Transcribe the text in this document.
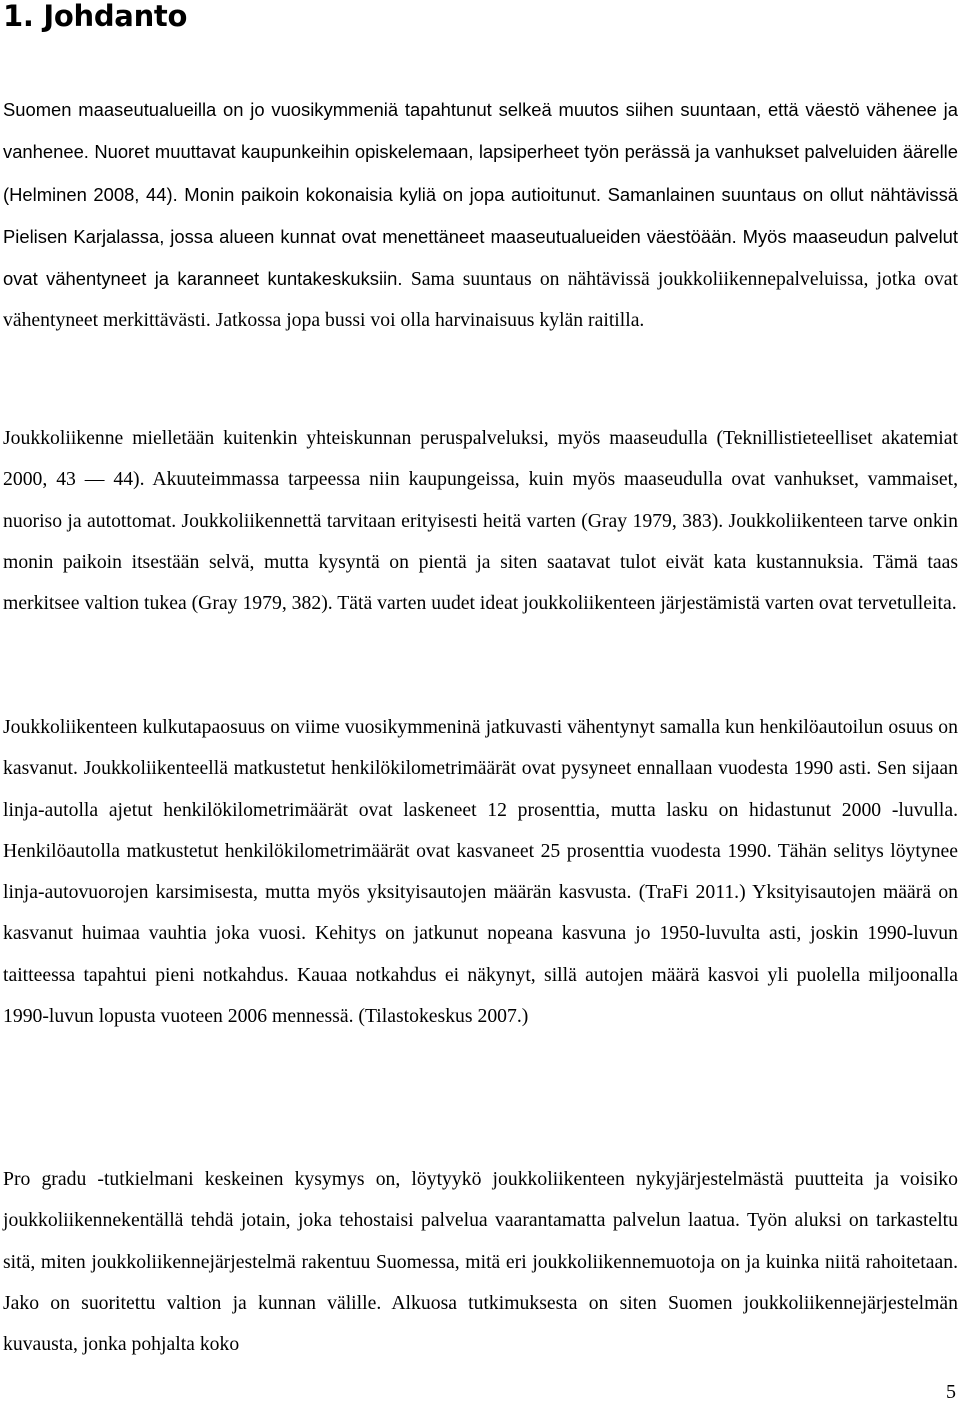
1. Johdanto

Suomen maaseutualueilla on jo vuosikymmeniä tapahtunut selkeä muutos siihen suuntaan, että väestö vähenee ja vanhenee. Nuoret muuttavat kaupunkeihin opiskelemaan, lapsiperheet työn perässä ja vanhukset palveluiden äärelle (Helminen 2008, 44). Monin paikoin kokonaisia kyliä on jopa autioitunut. Samanlainen suuntaus on ollut nähtävissä Pielisen Karjalassa, jossa alueen kunnat ovat menettäneet maaseutualueiden väestöään. Myös maaseudun palvelut ovat vähentyneet ja karanneet kuntakeskuksiin. Sama suuntaus on nähtävissä joukkoliikennepalveluissa, jotka ovat vähentyneet merkittävästi. Jatkossa jopa bussi voi olla harvinaisuus kylän raitilla.

Joukkoliikenne mielletään kuitenkin yhteiskunnan peruspalveluksi, myös maaseudulla (Teknillistieteelliset akatemiat 2000, 43 ― 44). Akuuteimmassa tarpeessa niin kaupungeissa, kuin myös maaseudulla ovat vanhukset, vammaiset, nuoriso ja autottomat. Joukkoliikennettä tarvitaan erityisesti heitä varten (Gray 1979, 383). Joukkoliikenteen tarve onkin monin paikoin itsestään selvä, mutta kysyntä on pientä ja siten saatavat tulot eivät kata kustannuksia. Tämä taas merkitsee valtion tukea (Gray 1979, 382). Tätä varten uudet ideat joukkoliikenteen järjestämistä varten ovat tervetulleita.

Joukkoliikenteen kulkutapaosuus on viime vuosikymmeninä jatkuvasti vähentynyt samalla kun henkilöautoilun osuus on kasvanut. Joukkoliikenteellä matkustetut henkilökilometrimäärät ovat pysyneet ennallaan vuodesta 1990 asti. Sen sijaan linja-autolla ajetut henkilökilometrimäärät ovat laskeneet 12 prosenttia, mutta lasku on hidastunut 2000 -luvulla. Henkilöautolla matkustetut henkilökilometrimäärät ovat kasvaneet 25 prosenttia vuodesta 1990. Tähän selitys löytynee linja-autovuorojen karsimisesta, mutta myös yksityisautojen määrän kasvusta. (TraFi 2011.) Yksityisautojen määrä on kasvanut huimaa vauhtia joka vuosi. Kehitys on jatkunut nopeana kasvuna jo 1950-luvulta asti, joskin 1990-luvun taitteessa tapahtui pieni notkahdus. Kauaa notkahdus ei näkynyt, sillä autojen määrä kasvoi yli puolella miljoonalla 1990-luvun lopusta vuoteen 2006 mennessä. (Tilastokeskus 2007.)

Pro gradu -tutkielmani keskeinen kysymys on, löytyykö joukkoliikenteen nykyjärjestelmästä puutteita ja voisiko joukkoliikennekentällä tehdä jotain, joka tehostaisi palvelua vaarantamatta palvelun laatua. Työn aluksi on tarkasteltu sitä, miten joukkoliikennejärjestelmä rakentuu Suomessa, mitä eri joukkoliikennemuotoja on ja kuinka niitä rahoitetaan. Jako on suoritettu valtion ja kunnan välille. Alkuosa tutkimuksesta on siten Suomen joukkoliikennejärjestelmän kuvausta, jonka pohjalta koko

5
